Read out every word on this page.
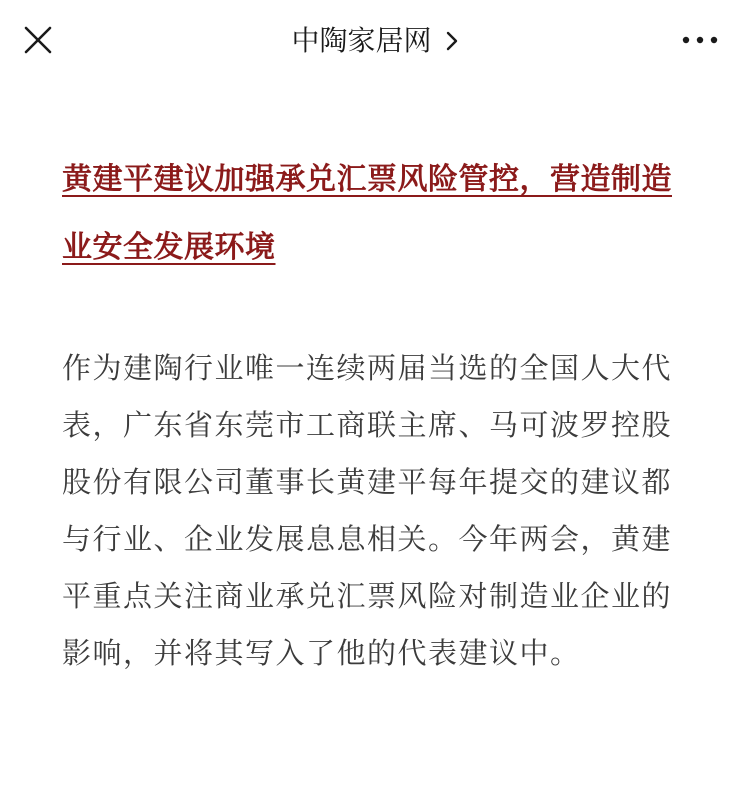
中陶家居网
黄建平建议加强承兑汇票风险管控，营造制造业安全发展环境

作为建陶行业唯一连续两届当选的全国人大代表，广东省东莞市工商联主席、马可波罗控股股份有限公司董事长黄建平每年提交的建议都与行业、企业发展息息相关。今年两会，黄建平重点关注商业承兑汇票风险对制造业企业的影响，并将其写入了他的代表建议中。
